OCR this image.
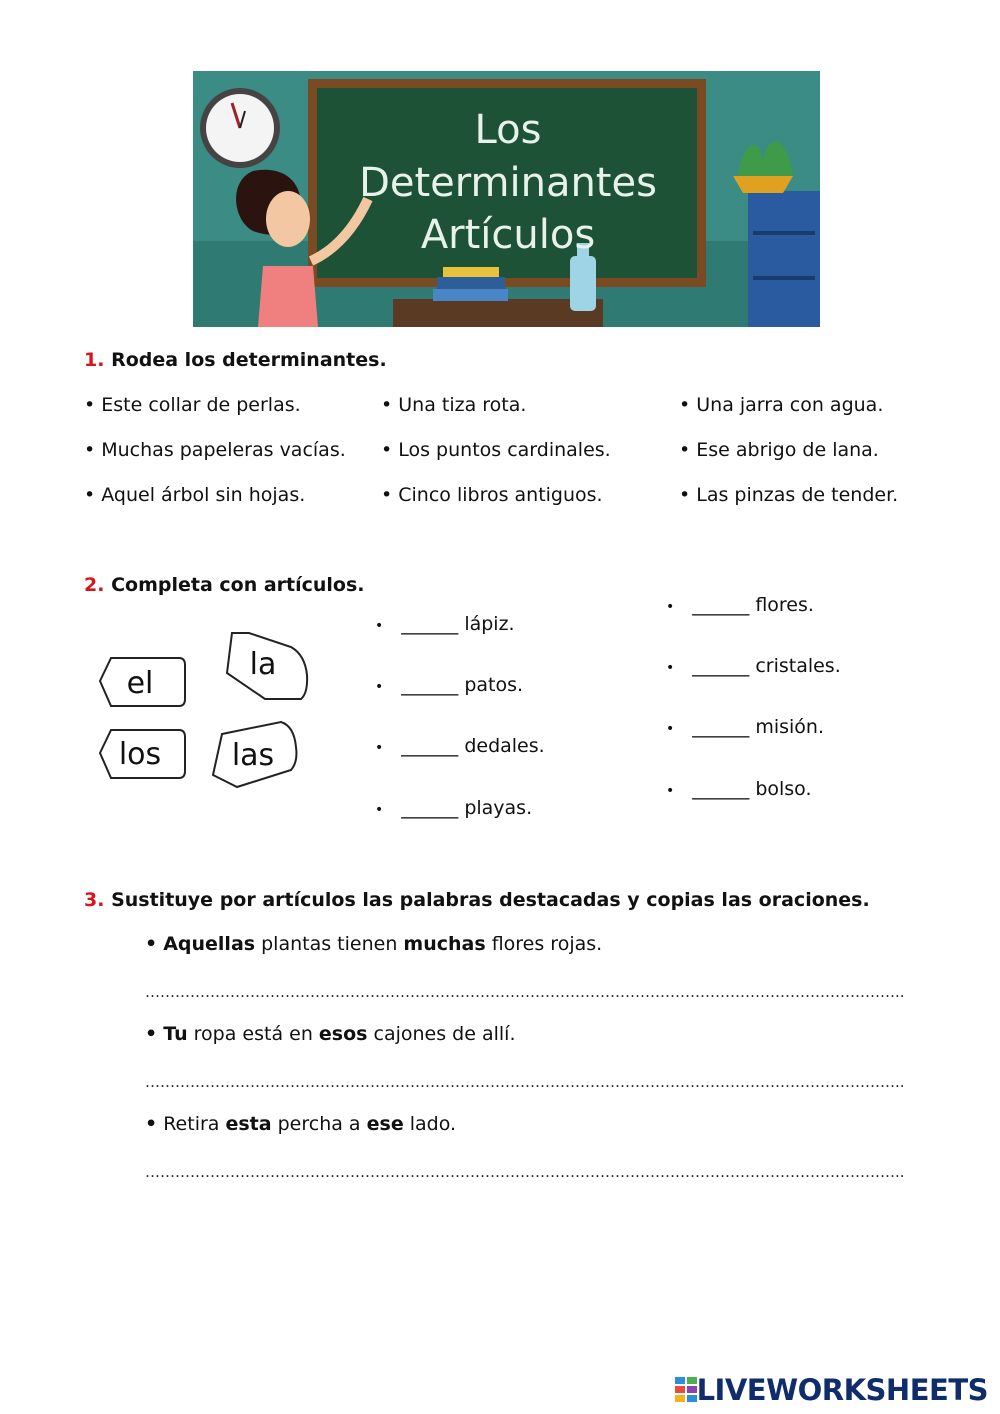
Los
Determinantes
Artículos
1. Rodea los determinantes.
• Este collar de perlas.	• Una tiza rota.	• Una jarra con agua.
• Muchas papeleras vacías. • Los puntos cardinales.	• Ese abrigo de lana.
• Aquel árbol sin hojas.	• Cinco libros antiguos.	• Las pinzas de tender.
2. Completa con artículos.
el
la
los las
• ______ lápiz.
• ______ patos.
• ______ dedales.
• ______ playas.
• ______ flores.
• ______ cristales.
• ______ misión.
• ______ bolso.
3. Sustituye por artículos las palabras destacadas y copias las oraciones.
• Aquellas plantas tienen muchas flores rojas.
……………………………………………………………………………………………………………………………………..
• Tu ropa está en esos cajones de allí.
……………………………………………………………………………………………………………………………………..
• Retira esta percha a ese lado.
……………………………………………………………………………………………………………………………………..
LIVEWORKSHEETS
